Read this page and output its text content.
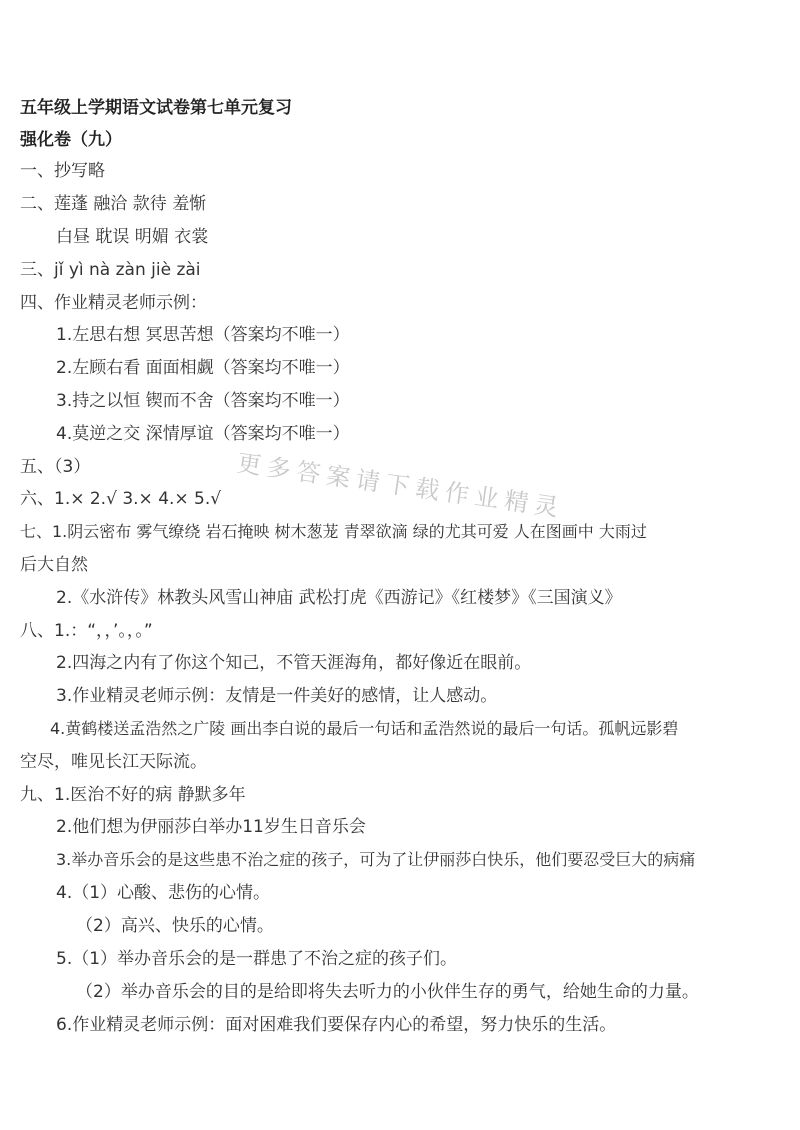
五年级上学期语文试卷第七单元复习
强化卷（九）
一、抄写略
二、莲蓬 融洽 款待 羞惭
白昼 耽误 明媚 衣裳
三、jǐ yì nà zàn jiè zài
四、作业精灵老师示例：
1.左思右想 冥思苦想（答案均不唯一）
2.左顾右看 面面相觑（答案均不唯一）
3.持之以恒 锲而不舍（答案均不唯一）
4.莫逆之交 深情厚谊（答案均不唯一）
五、（3）
六、1.× 2.√ 3.× 4.× 5.√
七、1.阴云密布 雾气缭绕 岩石掩映 树木葱茏 青翠欲滴 绿的尤其可爱 人在图画中 大雨过
后大自然
2.《水浒传》林教头风雪山神庙 武松打虎《西游记》《红楼梦》《三国演义》
八、1.：“，，’。，。”
2.四海之内有了你这个知己，不管天涯海角，都好像近在眼前。
3.作业精灵老师示例：友情是一件美好的感情，让人感动。
4.黄鹤楼送孟浩然之广陵 画出李白说的最后一句话和孟浩然说的最后一句话。孤帆远影碧
空尽，唯见长江天际流。
九、1.医治不好的病 静默多年
2.他们想为伊丽莎白举办11岁生日音乐会
3.举办音乐会的是这些患不治之症的孩子，可为了让伊丽莎白快乐，他们要忍受巨大的病痛
4.（1）心酸、悲伤的心情。
（2）高兴、快乐的心情。
5.（1）举办音乐会的是一群患了不治之症的孩子们。
（2）举办音乐会的目的是给即将失去听力的小伙伴生存的勇气，给她生命的力量。
6.作业精灵老师示例：面对困难我们要保存内心的希望，努力快乐的生活。
更多答案请下载作业精灵
